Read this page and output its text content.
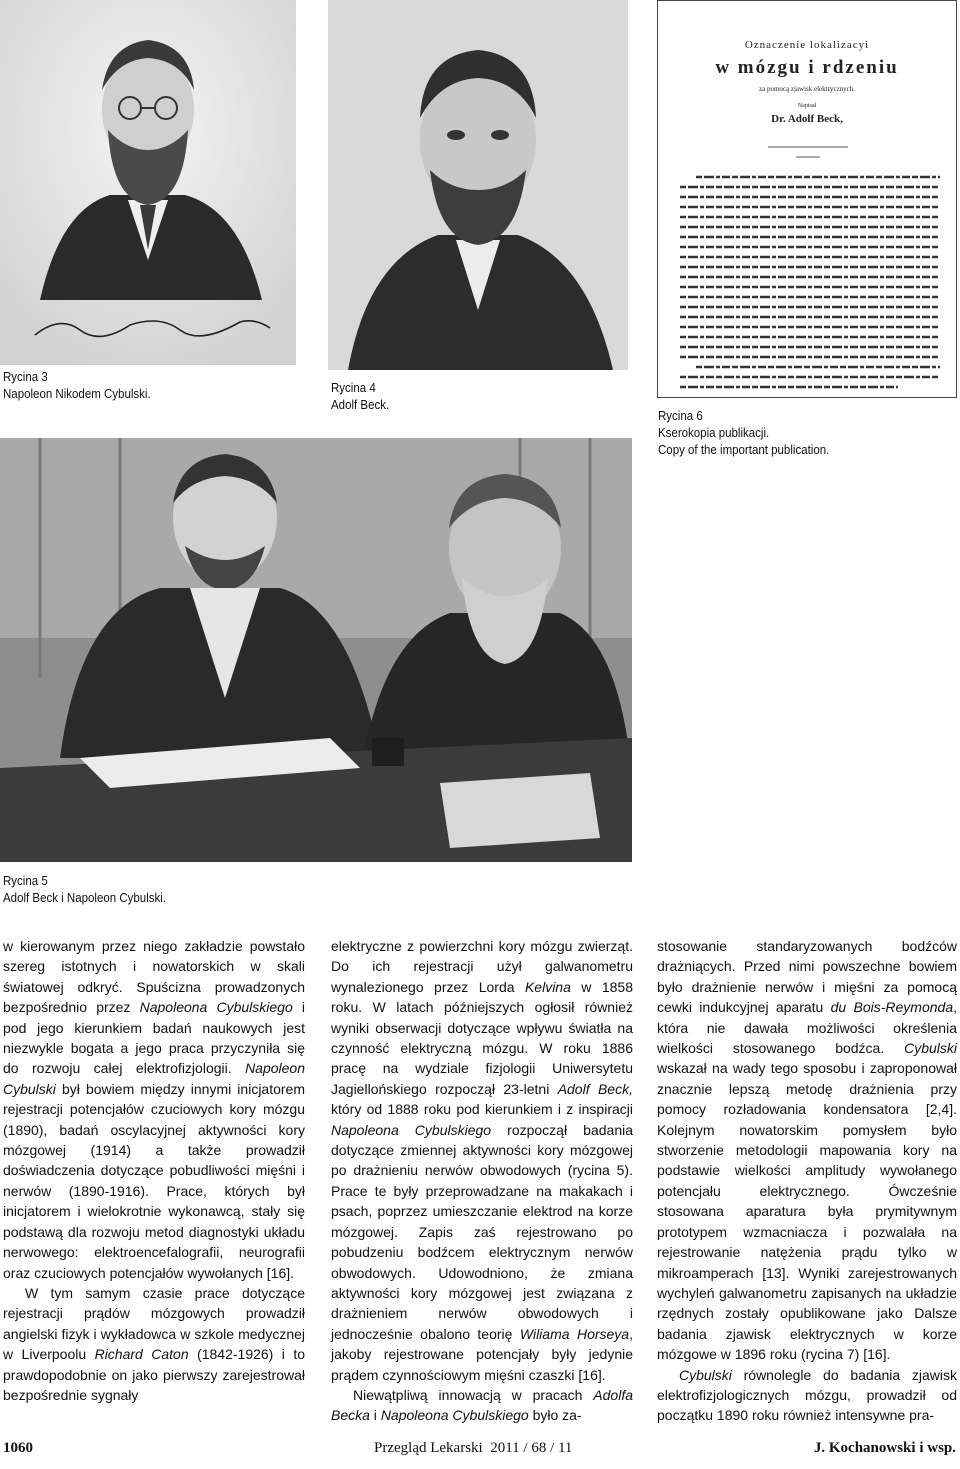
Rycina 3
Napoleon Nikodem Cybulski.	Rycina 4
Adolf Beck.
Oznaczenie lokalizacyi
w mózgu i rdzeniu
za pomocą zjawisk elektrycznych.
Napisał
Dr. Adolf Beck,
Rycina 6
Kserokopia publikacji.
Copy of the important publication.
Rycina 5
Adolf Beck i Napoleon Cybulski.

w kierowanym przez niego zakładzie powstało szereg istotnych i nowatorskich w skali światowej odkryć. Spuścizna prowadzonych bezpośrednio przez Napoleona Cybulskiego i pod jego kierunkiem badań naukowych jest niezwykle bogata a jego praca przyczyniła się do rozwoju całej elektrofizjologii. Napoleon Cybulski był bowiem między innymi inicjatorem rejestracji potencjałów czuciowych kory mózgu (1890), badań oscylacyjnej aktywności kory mózgowej (1914) a także prowadził doświadczenia dotyczące pobudliwości mięśni i nerwów (1890-1916). Prace, których był inicjatorem i wielokrotnie wykonawcą, stały się podstawą dla rozwoju metod diagnostyki układu nerwowego: elektroencefalografii, neurografii oraz czuciowych potencjałów wywołanych [16].

W tym samym czasie prace dotyczące rejestracji prądów mózgowych prowadził angielski fizyk i wykładowca w szkole medycznej w Liverpoolu Richard Caton (1842-1926) i to prawdopodobnie on jako pierwszy zarejestrował bezpośrednie sygnały

elektryczne z powierzchni kory mózgu zwierząt. Do ich rejestracji użył galwanometru wynalezionego przez Lorda Kelvina w 1858 roku. W latach późniejszych ogłosił również wyniki obserwacji dotyczące wpływu światła na czynność elektryczną mózgu. W roku 1886 pracę na wydziale fizjologii Uniwersytetu Jagiellońskiego rozpoczął 23-letni Adolf Beck, który od 1888 roku pod kierunkiem i z inspiracji Napoleona Cybulskiego rozpoczął badania dotyczące zmiennej aktywności kory mózgowej po drażnieniu nerwów obwodowych (rycina 5). Prace te były przeprowadzane na makakach i psach, poprzez umieszczanie elektrod na korze mózgowej. Zapis zaś rejestrowano po pobudzeniu bodźcem elektrycznym nerwów obwodowych. Udowodniono, że zmiana aktywności kory mózgowej jest związana z drażnieniem nerwów obwodowych i jednocześnie obalono teorię Wiliama Horseya, jakoby rejestrowane potencjały były jedynie prądem czynnościowym mięśni czaszki [16].

Niewątpliwą innowacją w pracach Adolfa Becka i Napoleona Cybulskiego było za-

stosowanie standaryzowanych bodźców drażniących. Przed nimi powszechne bowiem było drażnienie nerwów i mięśni za pomocą cewki indukcyjnej aparatu du Bois-Reymonda, która nie dawała możliwości określenia wielkości stosowanego bodźca. Cybulski wskazał na wady tego sposobu i zaproponował znacznie lepszą metodę drażnienia przy pomocy rozładowania kondensatora [2,4]. Kolejnym nowatorskim pomysłem było stworzenie metodologii mapowania kory na podstawie wielkości amplitudy wywołanego potencjału elektrycznego. Ówcześnie stosowana aparatura była prymitywnym prototypem wzmacniacza i pozwalała na rejestrowanie natężenia prądu tylko w mikroamperach [13]. Wyniki zarejestrowanych wychyleń galwanometru zapisanych na układzie rzędnych zostały opublikowane jako Dalsze badania zjawisk elektrycznych w korze mózgowe w 1896 roku (rycina 7) [16].

Cybulski równolegle do badania zjawisk elektrofizjologicznych mózgu, prowadził od początku 1890 roku również intensywne pra-

1060	Przegląd Lekarski  2011 / 68 / 11	J. Kochanowski i wsp.
